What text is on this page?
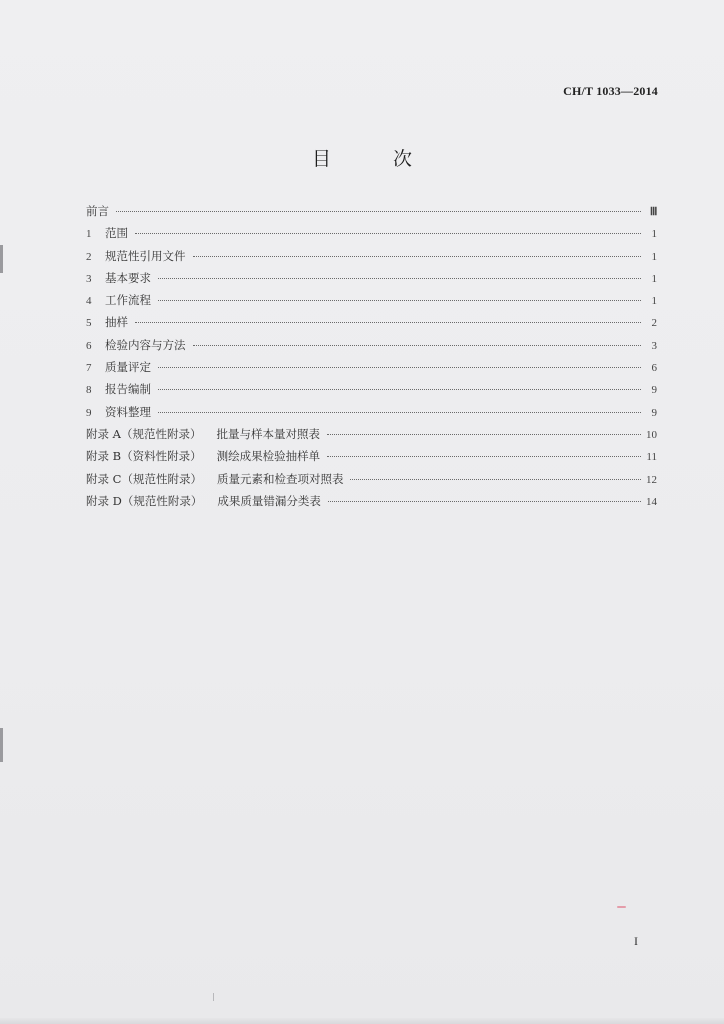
CH/T 1033—2014
目 次
前言	Ⅲ
1	范围	1
2	规范性引用文件	1
3	基本要求	1
4	工作流程	1
5	抽样	2
6	检验内容与方法	3
7	质量评定	6
8	报告编制	9
9	资料整理	9
附录 A（规范性附录）	批量与样本量对照表	10
附录 B（资料性附录）	测绘成果检验抽样单	11
附录 C（规范性附录）	质量元素和检查项对照表	12
附录 D（规范性附录）	成果质量错漏分类表	14
I
